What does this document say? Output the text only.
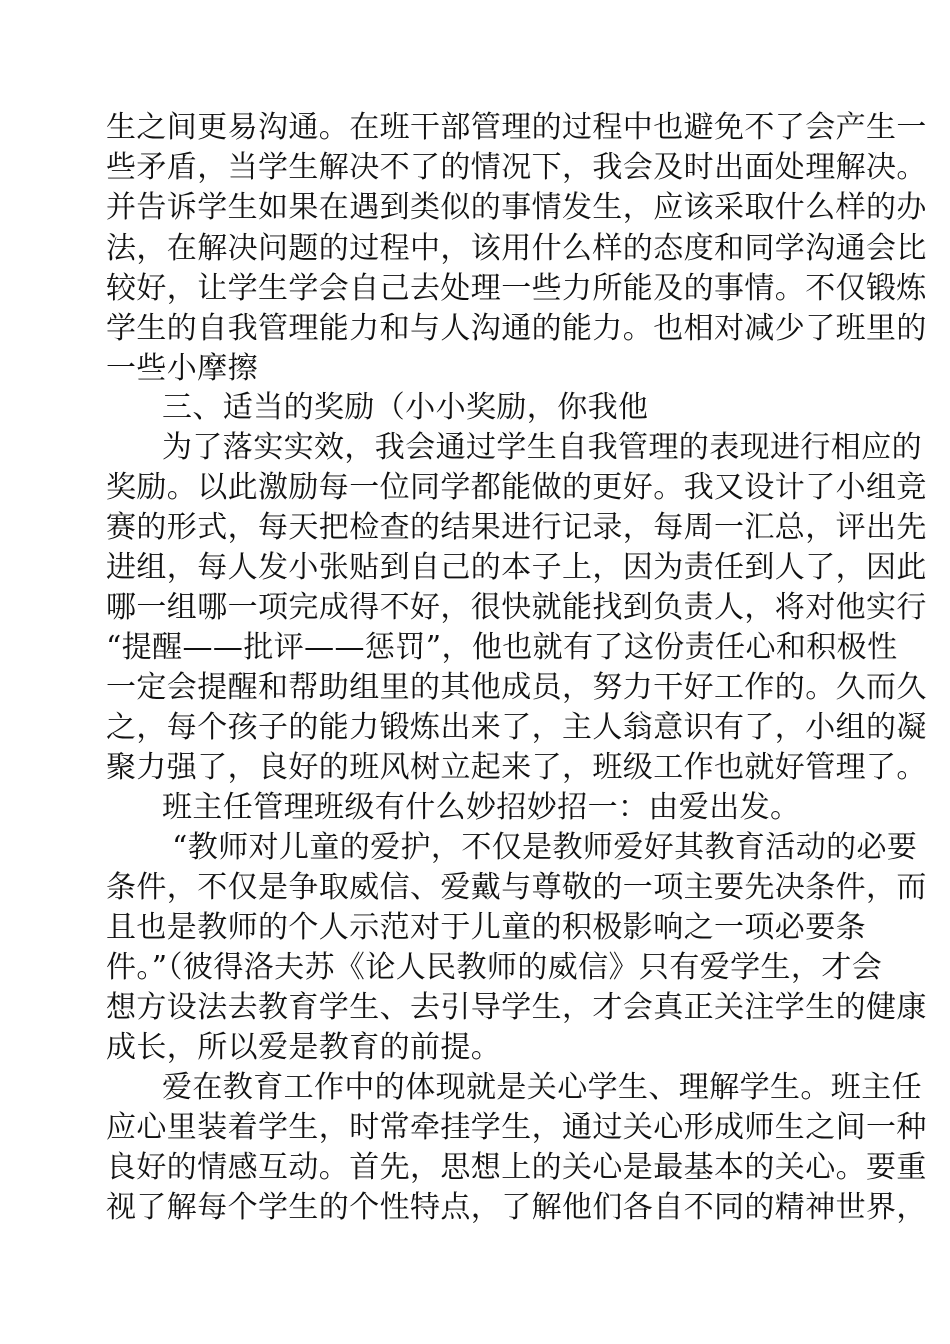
生之间更易沟通。在班干部管理的过程中也避免不了会产生一
些矛盾，当学生解决不了的情况下，我会及时出面处理解决。
并告诉学生如果在遇到类似的事情发生，应该采取什么样的办
法，在解决问题的过程中，该用什么样的态度和同学沟通会比
较好，让学生学会自己去处理一些力所能及的事情。不仅锻炼
学生的自我管理能力和与人沟通的能力。也相对减少了班里的
一些小摩擦
三、适当的奖励（小小奖励，你我他
为了落实实效，我会通过学生自我管理的表现进行相应的
奖励。以此激励每一位同学都能做的更好。我又设计了小组竞
赛的形式，每天把检查的结果进行记录，每周一汇总，评出先
进组，每人发小张贴到自己的本子上，因为责任到人了，因此
哪一组哪一项完成得不好，很快就能找到负责人，将对他实行
“提醒——批评——惩罚”，他也就有了这份责任心和积极性
一定会提醒和帮助组里的其他成员，努力干好工作的。久而久
之，每个孩子的能力锻炼出来了，主人翁意识有了，小组的凝
聚力强了，良好的班风树立起来了，班级工作也就好管理了。
班主任管理班级有什么妙招妙招一：由爱出发。
“教师对儿童的爱护，不仅是教师爱好其教育活动的必要
条件，不仅是争取威信、爱戴与尊敬的一项主要先决条件，而
且也是教师的个人示范对于儿童的积极影响之一项必要条
件。”（彼得洛夫苏《论人民教师的威信》只有爱学生，才会
想方设法去教育学生、去引导学生，才会真正关注学生的健康
成长，所以爱是教育的前提。
爱在教育工作中的体现就是关心学生、理解学生。班主任
应心里装着学生，时常牵挂学生，通过关心形成师生之间一种
良好的情感互动。首先，思想上的关心是最基本的关心。要重
视了解每个学生的个性特点，了解他们各自不同的精神世界，
